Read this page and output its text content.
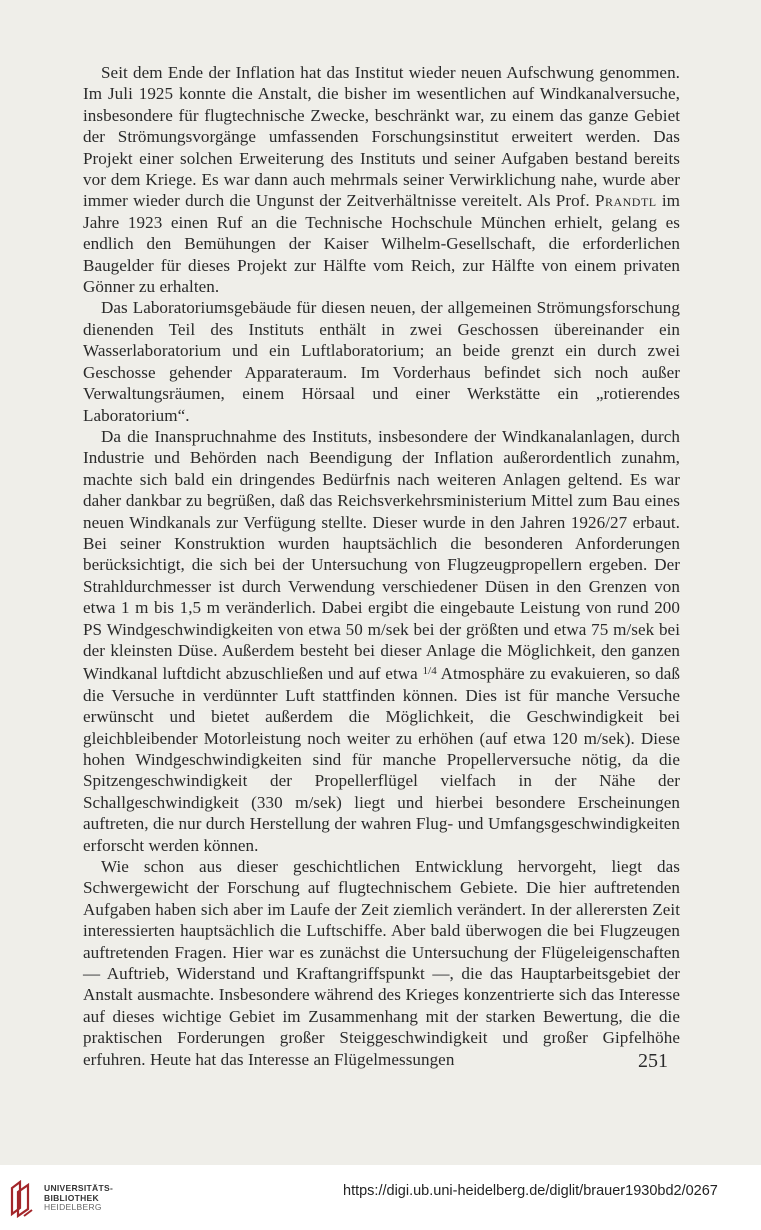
Seit dem Ende der Inflation hat das Institut wieder neuen Aufschwung genommen. Im Juli 1925 konnte die Anstalt, die bisher im wesentlichen auf Windkanalversuche, insbesondere für flugtechnische Zwecke, beschränkt war, zu einem das ganze Gebiet der Strömungsvorgänge umfassenden Forschungsinstitut erweitert werden. Das Projekt einer solchen Erweiterung des Instituts und seiner Aufgaben bestand bereits vor dem Kriege. Es war dann auch mehrmals seiner Verwirklichung nahe, wurde aber immer wieder durch die Ungunst der Zeitverhältnisse vereitelt. Als Prof. Prandtl im Jahre 1923 einen Ruf an die Technische Hochschule München erhielt, gelang es endlich den Bemühungen der Kaiser Wilhelm-Gesellschaft, die erforderlichen Baugelder für dieses Projekt zur Hälfte vom Reich, zur Hälfte von einem privaten Gönner zu erhalten.

Das Laboratoriumsgebäude für diesen neuen, der allgemeinen Strömungsforschung dienenden Teil des Instituts enthält in zwei Geschossen übereinander ein Wasserlaboratorium und ein Luftlaboratorium; an beide grenzt ein durch zwei Geschosse gehender Apparateraum. Im Vorderhaus befindet sich noch außer Verwaltungsräumen, einem Hörsaal und einer Werkstätte ein „rotierendes Laboratorium“.

Da die Inanspruchnahme des Instituts, insbesondere der Windkanalanlagen, durch Industrie und Behörden nach Beendigung der Inflation außerordentlich zunahm, machte sich bald ein dringendes Bedürfnis nach weiteren Anlagen geltend. Es war daher dankbar zu begrüßen, daß das Reichsverkehrsministerium Mittel zum Bau eines neuen Windkanals zur Verfügung stellte. Dieser wurde in den Jahren 1926/27 erbaut. Bei seiner Konstruktion wurden hauptsächlich die besonderen Anforderungen berücksichtigt, die sich bei der Untersuchung von Flugzeugpropellern ergeben. Der Strahldurchmesser ist durch Verwendung verschiedener Düsen in den Grenzen von etwa 1 m bis 1,5 m veränderlich. Dabei ergibt die eingebaute Leistung von rund 200 PS Windgeschwindigkeiten von etwa 50 m/sek bei der größten und etwa 75 m/sek bei der kleinsten Düse. Außerdem besteht bei dieser Anlage die Möglichkeit, den ganzen Windkanal luftdicht abzuschließen und auf etwa $^{1/4}$ Atmosphäre zu evakuieren, so daß die Versuche in verdünnter Luft stattfinden können. Dies ist für manche Versuche erwünscht und bietet außerdem die Möglichkeit, die Geschwindigkeit bei gleichbleibender Motorleistung noch weiter zu erhöhen (auf etwa 120 m/sek). Diese hohen Windgeschwindigkeiten sind für manche Propellerversuche nötig, da die Spitzengeschwindigkeit der Propellerflügel vielfach in der Nähe der Schallgeschwindigkeit (330 m/sek) liegt und hierbei besondere Erscheinungen auftreten, die nur durch Herstellung der wahren Flug- und Umfangsgeschwindigkeiten erforscht werden können.

Wie schon aus dieser geschichtlichen Entwicklung hervorgeht, liegt das Schwergewicht der Forschung auf flugtechnischem Gebiete. Die hier auftretenden Aufgaben haben sich aber im Laufe der Zeit ziemlich verändert. In der allerersten Zeit interessierten hauptsächlich die Luftschiffe. Aber bald überwogen die bei Flugzeugen auftretenden Fragen. Hier war es zunächst die Untersuchung der Flügeleigenschaften — Auftrieb, Widerstand und Kraftangriffspunkt —, die das Hauptarbeitsgebiet der Anstalt ausmachte. Insbesondere während des Krieges konzentrierte sich das Interesse auf dieses wichtige Gebiet im Zusammenhang mit der starken Bewertung, die die praktischen Forderungen großer Steiggeschwindigkeit und großer Gipfelhöhe erfuhren. Heute hat das Interesse an Flügelmessungen	251
UNIVERSITÄTS-
BIBLIOTHEK
HEIDELBERG
https://digi.ub.uni-heidelberg.de/diglit/brauer1930bd2/0267
